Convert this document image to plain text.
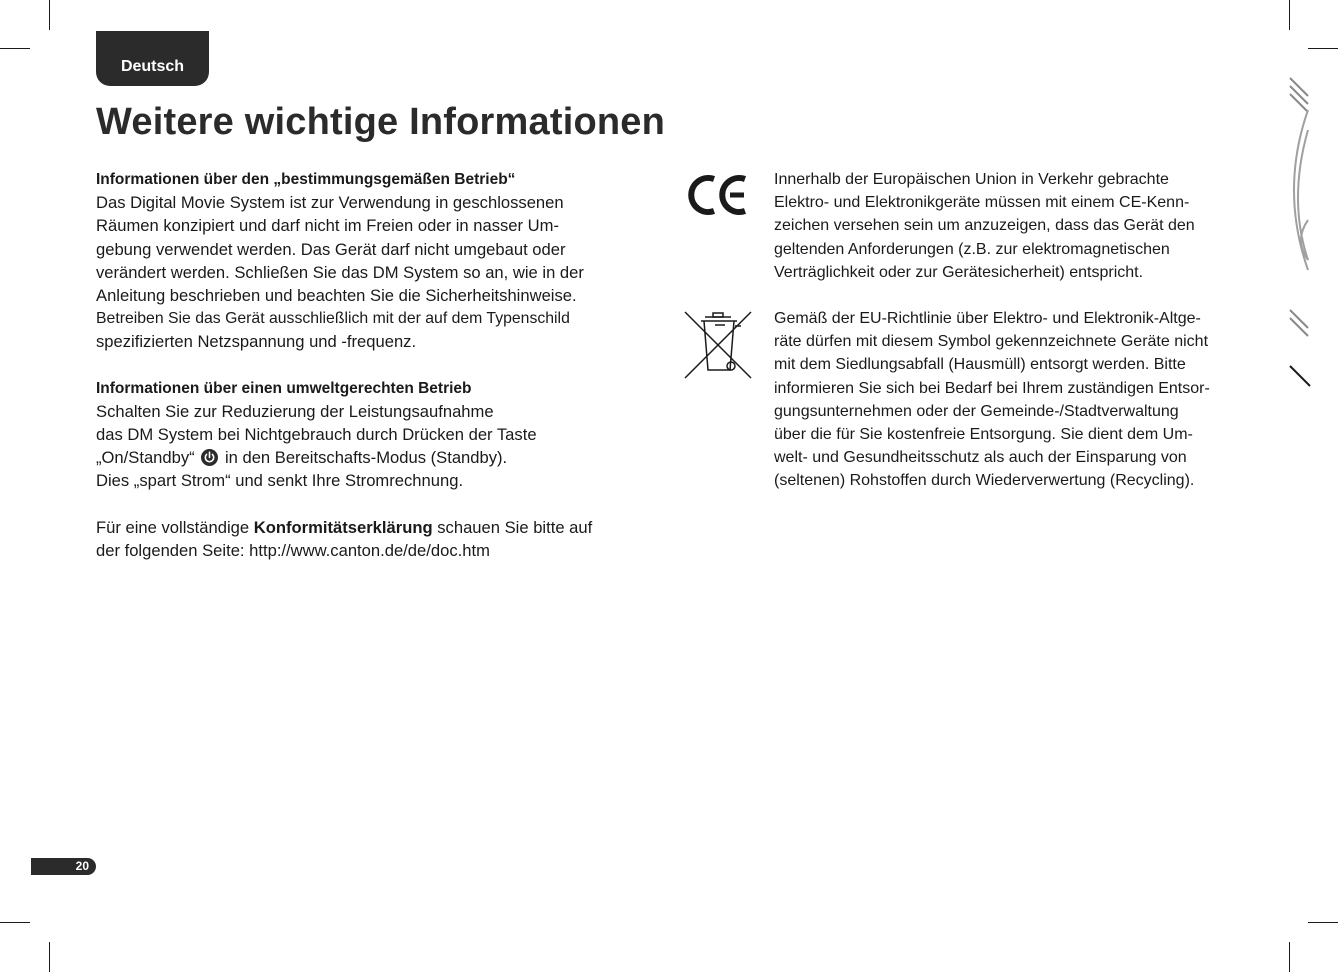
Deutsch
Weitere wichtige Informationen

Informationen über den „bestimmungsgemäßen Betrieb“
Das Digital Movie System ist zur Verwendung in geschlossenen
Räumen konzipiert und darf nicht im Freien oder in nasser Um-
gebung verwendet werden. Das Gerät darf nicht umgebaut oder
verändert werden. Schließen Sie das DM System so an, wie in der
Anleitung beschrieben und beachten Sie die Sicherheitshinweise.
Betreiben Sie das Gerät ausschließlich mit der auf dem Typenschild
spezifizierten Netzspannung und -frequenz.

Informationen über einen umweltgerechten Betrieb
Schalten Sie zur Reduzierung der Leistungsaufnahme
das DM System bei Nichtgebrauch durch Drücken der Taste
„On/Standby“ in den Bereitschafts-Modus (Standby).
Dies „spart Strom“ und senkt Ihre Stromrechnung.

Für eine vollständige Konformitätserklärung schauen Sie bitte auf
der folgenden Seite: http://www.canton.de/de/doc.htm

Innerhalb der Europäischen Union in Verkehr gebrachte
Elektro- und Elektronikgeräte müssen mit einem CE-Kenn-
zeichen versehen sein um anzuzeigen, dass das Gerät den
geltenden Anforderungen (z.B. zur elektromagnetischen
Verträglichkeit oder zur Gerätesicherheit) entspricht.

Gemäß der EU-Richtlinie über Elektro- und Elektronik-Altge-
räte dürfen mit diesem Symbol gekennzeichnete Geräte nicht
mit dem Siedlungsabfall (Hausmüll) entsorgt werden. Bitte
informieren Sie sich bei Bedarf bei Ihrem zuständigen Entsor-
gungsunternehmen oder der Gemeinde-/Stadtverwaltung
über die für Sie kostenfreie Entsorgung. Sie dient dem Um-
welt- und Gesundheitsschutz als auch der Einsparung von
(seltenen) Rohstoffen durch Wiederverwertung (Recycling).

20
